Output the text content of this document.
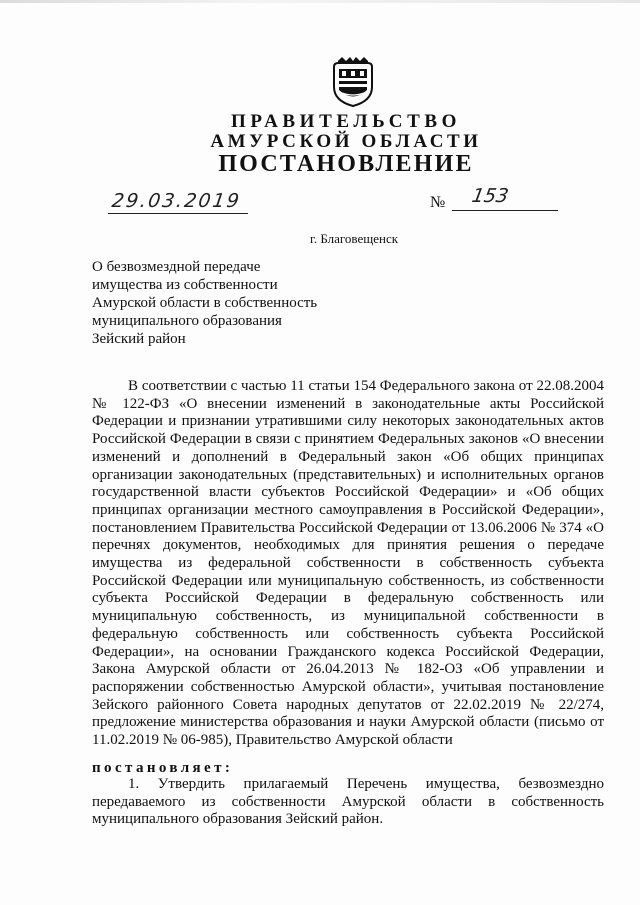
ПРАВИТЕЛЬСТВО
АМУРСКОЙ ОБЛАСТИ
ПОСТАНОВЛЕНИЕ
29.03.2019	№ 153
г. Благовещенск
О безвозмездной передаче
имущества из собственности
Амурской области в собственность
муниципального образования
Зейский район

В соответствии с частью 11 статьи 154 Федерального закона от 22.08.2004 № 122-ФЗ «О внесении изменений в законодательные акты Российской Федерации и признании утратившими силу некоторых законодательных актов Российской Федерации в связи с принятием Федеральных законов «О внесении изменений и дополнений в Федеральный закон «Об общих принципах организации законодательных (представительных) и исполнительных органов государственной власти субъектов Российской Федерации» и «Об общих принципах организации местного самоуправления в Российской Федерации», постановлением Правительства Российской Федерации от 13.06.2006 № 374 «О перечнях документов, необходимых для принятия решения о передаче имущества из федеральной собственности в собственность субъекта Российской Федерации или муниципальную собственность, из собственности субъекта Российской Федерации в федеральную собственность или муниципальную собственность, из муниципальной собственности в федеральную собственность или собственность субъекта Российской Федерации», на основании Гражданского кодекса Российской Федерации, Закона Амурской области от 26.04.2013 № 182-ОЗ «Об управлении и распоряжении собственностью Амурской области», учитывая постановление Зейского районного Совета народных депутатов от 22.02.2019 № 22/274, предложение министерства образования и науки Амурской области (письмо от 11.02.2019 № 06-985), Правительство Амурской области

постановляет:

1. Утвердить прилагаемый Перечень имущества, безвозмездно передаваемого из собственности Амурской области в собственность муниципального образования Зейский район.
